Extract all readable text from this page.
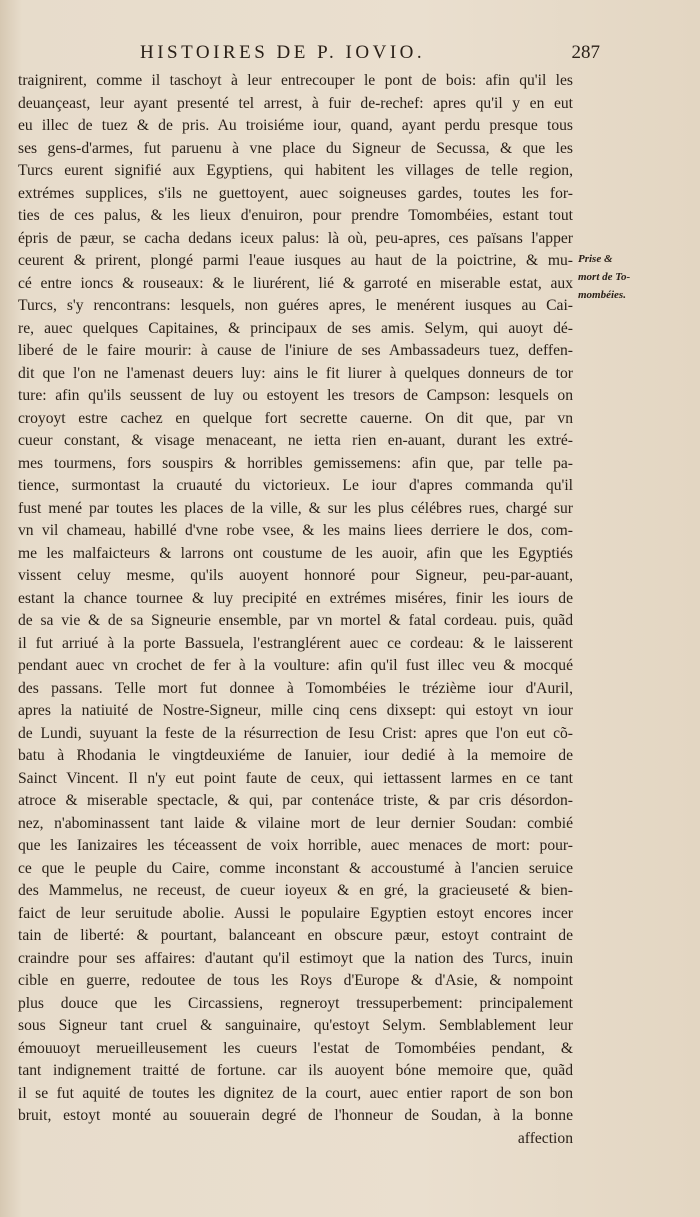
HISTOIRES DE P. IOVIO.	287
traignirent, comme il taschoyt à leur entrecouper le pont de bois: afin qu'il les
deuançeast, leur ayant presenté tel arrest, à fuir de-rechef: apres qu'il y en eut
eu illec de tuez & de pris. Au troisiéme iour, quand, ayant perdu presque tous
ses gens-d'armes, fut paruenu à vne place du Signeur de Secussa, & que les
Turcs eurent signifié aux Egyptiens, qui habitent les villages de telle region,
extrémes supplices, s'ils ne guettoyent, auec soigneuses gardes, toutes les for-
ties de ces palus, & les lieux d'enuiron, pour prendre Tomombéies, estant tout
épris de pæur, se cacha dedans iceux palus: là où, peu-apres, ces païsans l'apper
ceurent & prirent, plongé parmi l'eaue iusques au haut de la poictrine, & mu-
cé entre ioncs & rouseaux: & le liurérent, lié & garroté en miserable estat, aux
Turcs, s'y rencontrans: lesquels, non guéres apres, le menérent iusques au Cai-
re, auec quelques Capitaines, & principaux de ses amis. Selym, qui auoyt dé-
liberé de le faire mourir: à cause de l'iniure de ses Ambassadeurs tuez, deffen-
dit que l'on ne l'amenast deuers luy: ains le fit liurer à quelques donneurs de tor
ture: afin qu'ils seussent de luy ou estoyent les tresors de Campson: lesquels on
croyoyt estre cachez en quelque fort secrette cauerne. On dit que, par vn
cueur constant, & visage menaceant, ne ietta rien en-auant, durant les extré-
mes tourmens, fors souspirs & horribles gemissemens: afin que, par telle pa-
tience, surmontast la cruauté du victorieux. Le iour d'apres commanda qu'il
fust mené par toutes les places de la ville, & sur les plus célébres rues, chargé sur
vn vil chameau, habillé d'vne robe vsee, & les mains liees derriere le dos, com-
me les malfaicteurs & larrons ont coustume de les auoir, afin que les Egyptiés
vissent celuy mesme, qu'ils auoyent honnoré pour Signeur, peu-par-auant,
estant la chance tournee & luy precipité en extrémes miséres, finir les iours de
de sa vie & de sa Signeurie ensemble, par vn mortel & fatal cordeau. puis, quãd
il fut arriué à la porte Bassuela, l'estranglérent auec ce cordeau: & le laisserent
pendant auec vn crochet de fer à la voulture: afin qu'il fust illec veu & mocqué
des passans. Telle mort fut donnee à Tomombéies le trézième iour d'Auril,
apres la natiuité de Nostre-Signeur, mille cinq cens dixsept: qui estoyt vn iour
de Lundi, suyuant la feste de la résurrection de Iesu Crist: apres que l'on eut cõ-
batu à Rhodania le vingtdeuxiéme de Ianuier, iour dedié à la memoire de
Sainct Vincent. Il n'y eut point faute de ceux, qui iettassent larmes en ce tant
atroce & miserable spectacle, & qui, par contenáce triste, & par cris désordon-
nez, n'abominassent tant laide & vilaine mort de leur dernier Soudan: combié
que les Ianizaires les téceassent de voix horrible, auec menaces de mort: pour-
ce que le peuple du Caire, comme inconstant & accoustumé à l'ancien seruice
des Mammelus, ne receust, de cueur ioyeux & en gré, la gracieuseté & bien-
faict de leur seruitude abolie. Aussi le populaire Egyptien estoyt encores incer
tain de liberté: & pourtant, balanceant en obscure pæur, estoyt contraint de
craindre pour ses affaires: d'autant qu'il estimoyt que la nation des Turcs, inuin
cible en guerre, redoutee de tous les Roys d'Europe & d'Asie, & nompoint
plus douce que les Circassiens, regneroyt tressuperbement: principalement
sous Signeur tant cruel & sanguinaire, qu'estoyt Selym. Semblablement leur
émouuoyt merueilleusement les cueurs l'estat de Tomombéies pendant, &
tant indignement traitté de fortune. car ils auoyent bóne memoire que, quãd
il se fut aquité de toutes les dignitez de la court, auec entier raport de son bon
bruit, estoyt monté au souuerain degré de l'honneur de Soudan, à la bonne
affection
Prise &
mort de To-
mombéies.
